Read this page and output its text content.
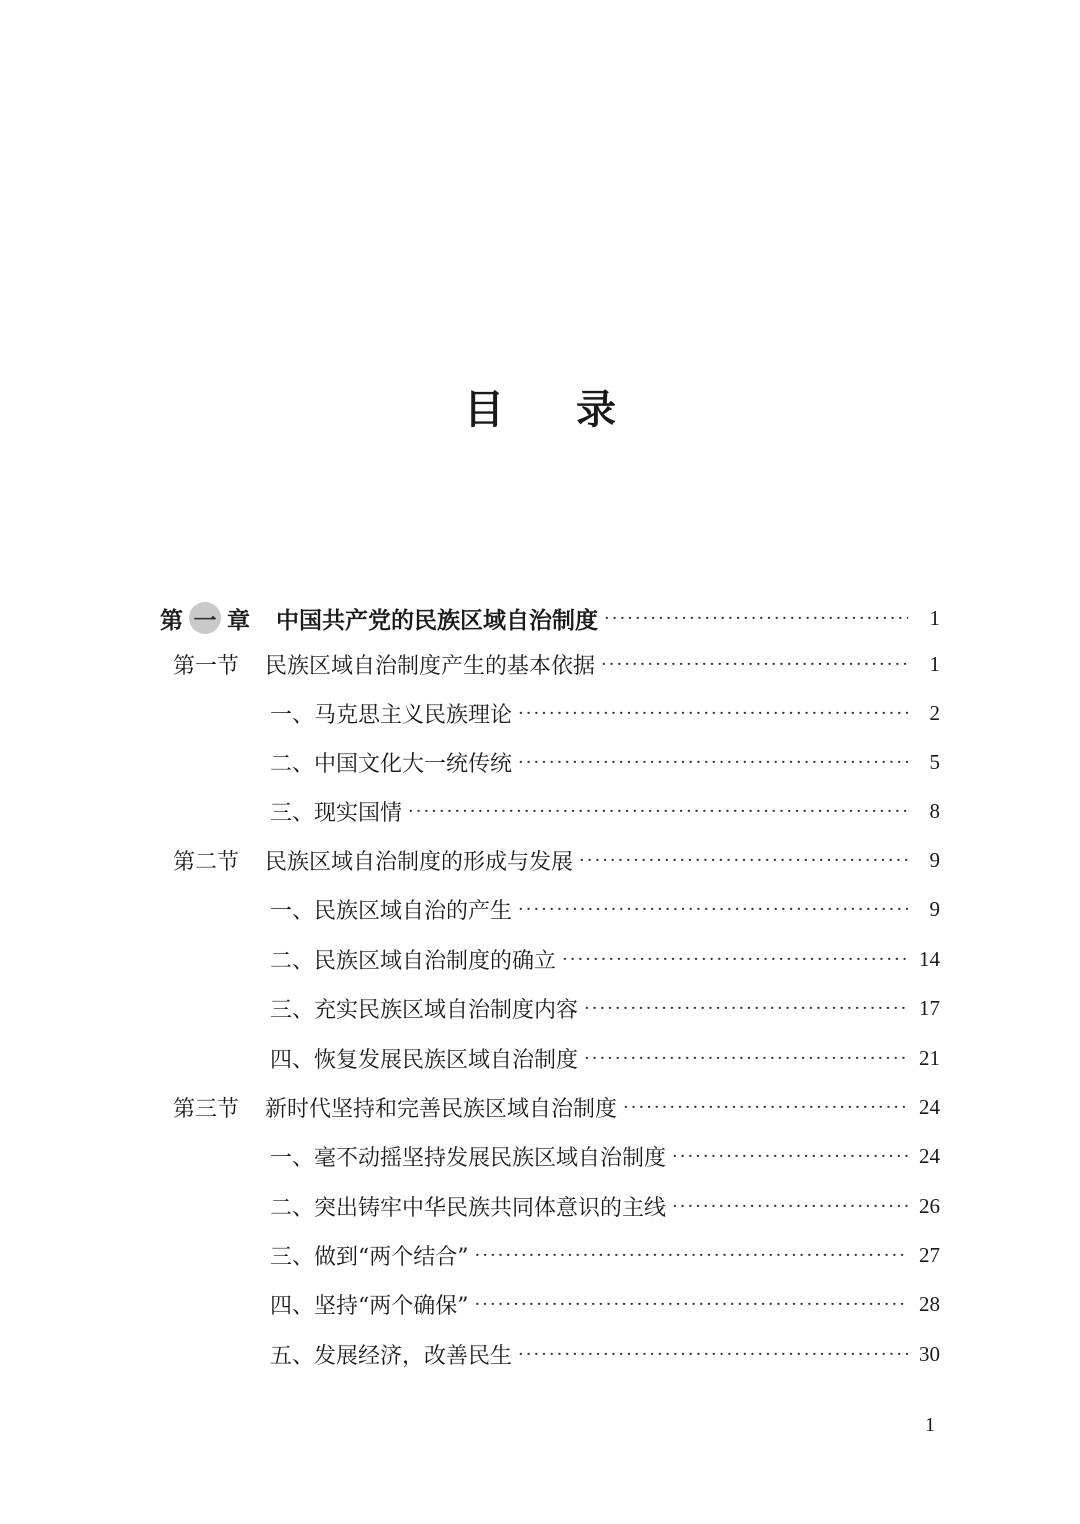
目 录
第 一 章 中国共产党的民族区域自治制度 ·····	1
第一节 民族区域自治制度产生的基本依据 ·····	1
一、马克思主义民族理论 ·····	2
二、中国文化大一统传统 ·····	5
三、现实国情 ·····	8
第二节 民族区域自治制度的形成与发展 ·····	9
一、民族区域自治的产生 ·····	9
二、民族区域自治制度的确立 ·····	14
三、充实民族区域自治制度内容 ·····	17
四、恢复发展民族区域自治制度 ·····	21
第三节 新时代坚持和完善民族区域自治制度 ·····	24
一、毫不动摇坚持发展民族区域自治制度 ·····	24
二、突出铸牢中华民族共同体意识的主线 ·····	26
三、做到“两个结合” ·····	27
四、坚持“两个确保” ·····	28
五、发展经济，改善民生 ·····	30
1
